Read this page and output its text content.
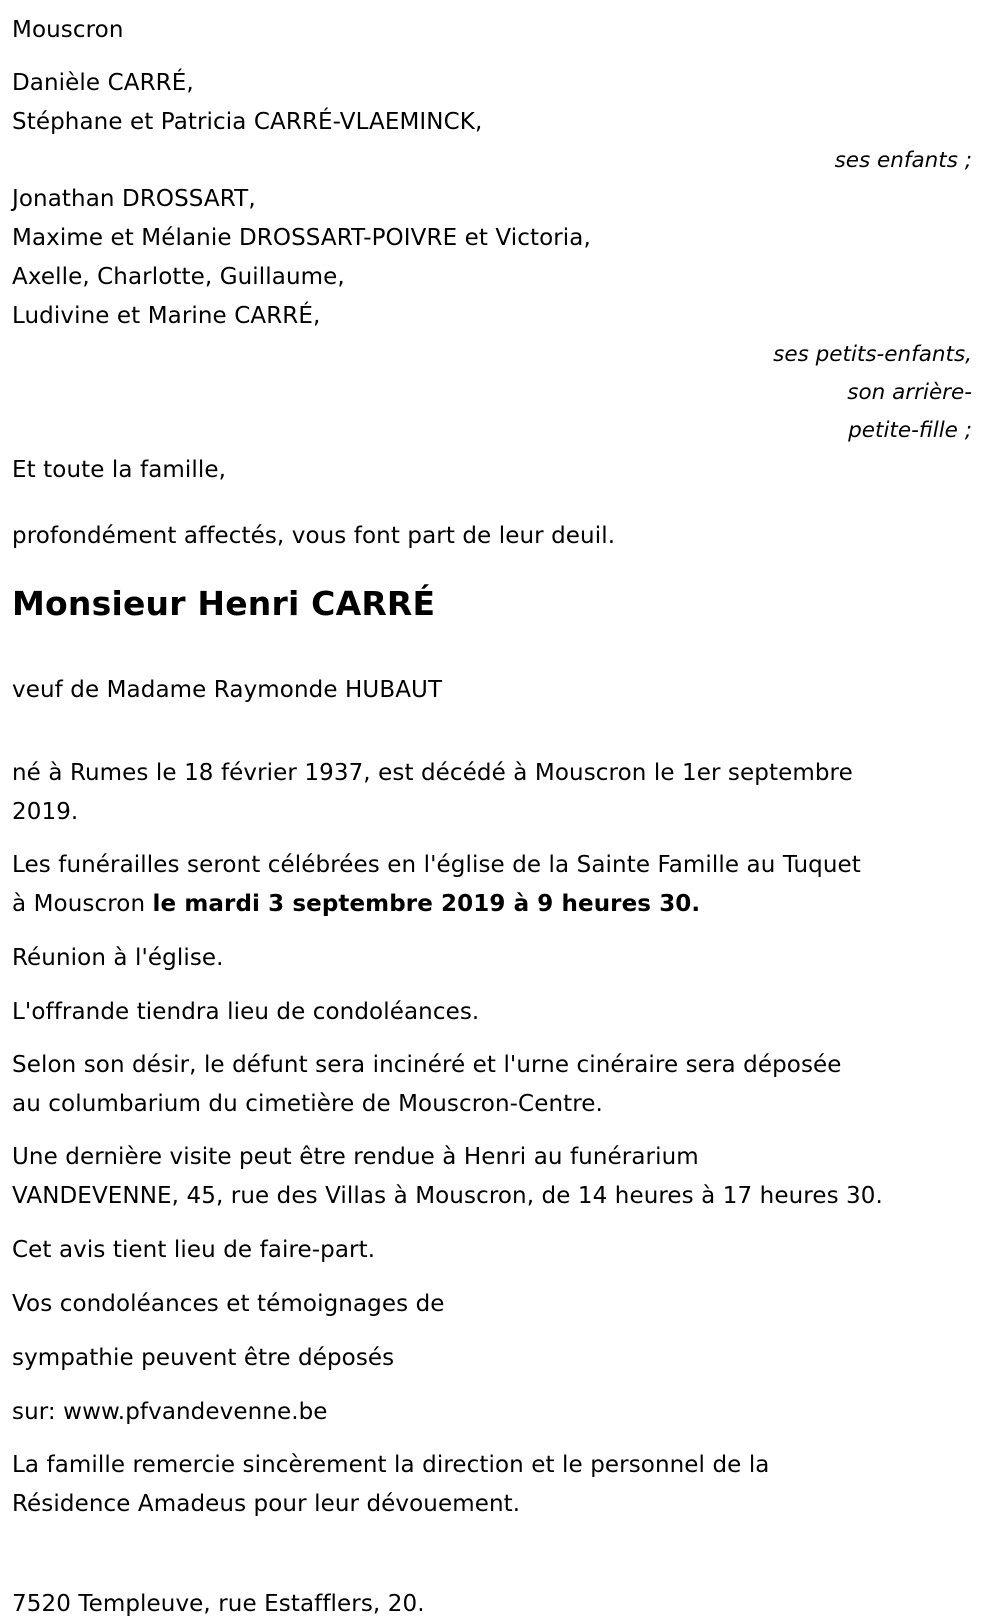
Mouscron
Danièle CARRÉ,
Stéphane et Patricia CARRÉ-VLAEMINCK,
ses enfants ;
Jonathan DROSSART,
Maxime et Mélanie DROSSART-POIVRE et Victoria,
Axelle, Charlotte, Guillaume,
Ludivine et Marine CARRÉ,
ses petits-enfants,
son arrière-
petite-fille ;
Et toute la famille,
profondément affectés, vous font part de leur deuil.
Monsieur Henri CARRÉ
veuf de Madame Raymonde HUBAUT
né à Rumes le 18 février 1937, est décédé à Mouscron le 1er septembre
2019.
Les funérailles seront célébrées en l'église de la Sainte Famille au Tuquet
à Mouscron le mardi 3 septembre 2019 à 9 heures 30.
Réunion à l'église.
L'offrande tiendra lieu de condoléances.
Selon son désir, le défunt sera incinéré et l'urne cinéraire sera déposée
au columbarium du cimetière de Mouscron-Centre.
Une dernière visite peut être rendue à Henri au funérarium
VANDEVENNE, 45, rue des Villas à Mouscron, de 14 heures à 17 heures 30.
Cet avis tient lieu de faire-part.
Vos condoléances et témoignages de
sympathie peuvent être déposés
sur: www.pfvandevenne.be
La famille remercie sincèrement la direction et le personnel de la
Résidence Amadeus pour leur dévouement.
7520 Templeuve, rue Estafflers, 20.
